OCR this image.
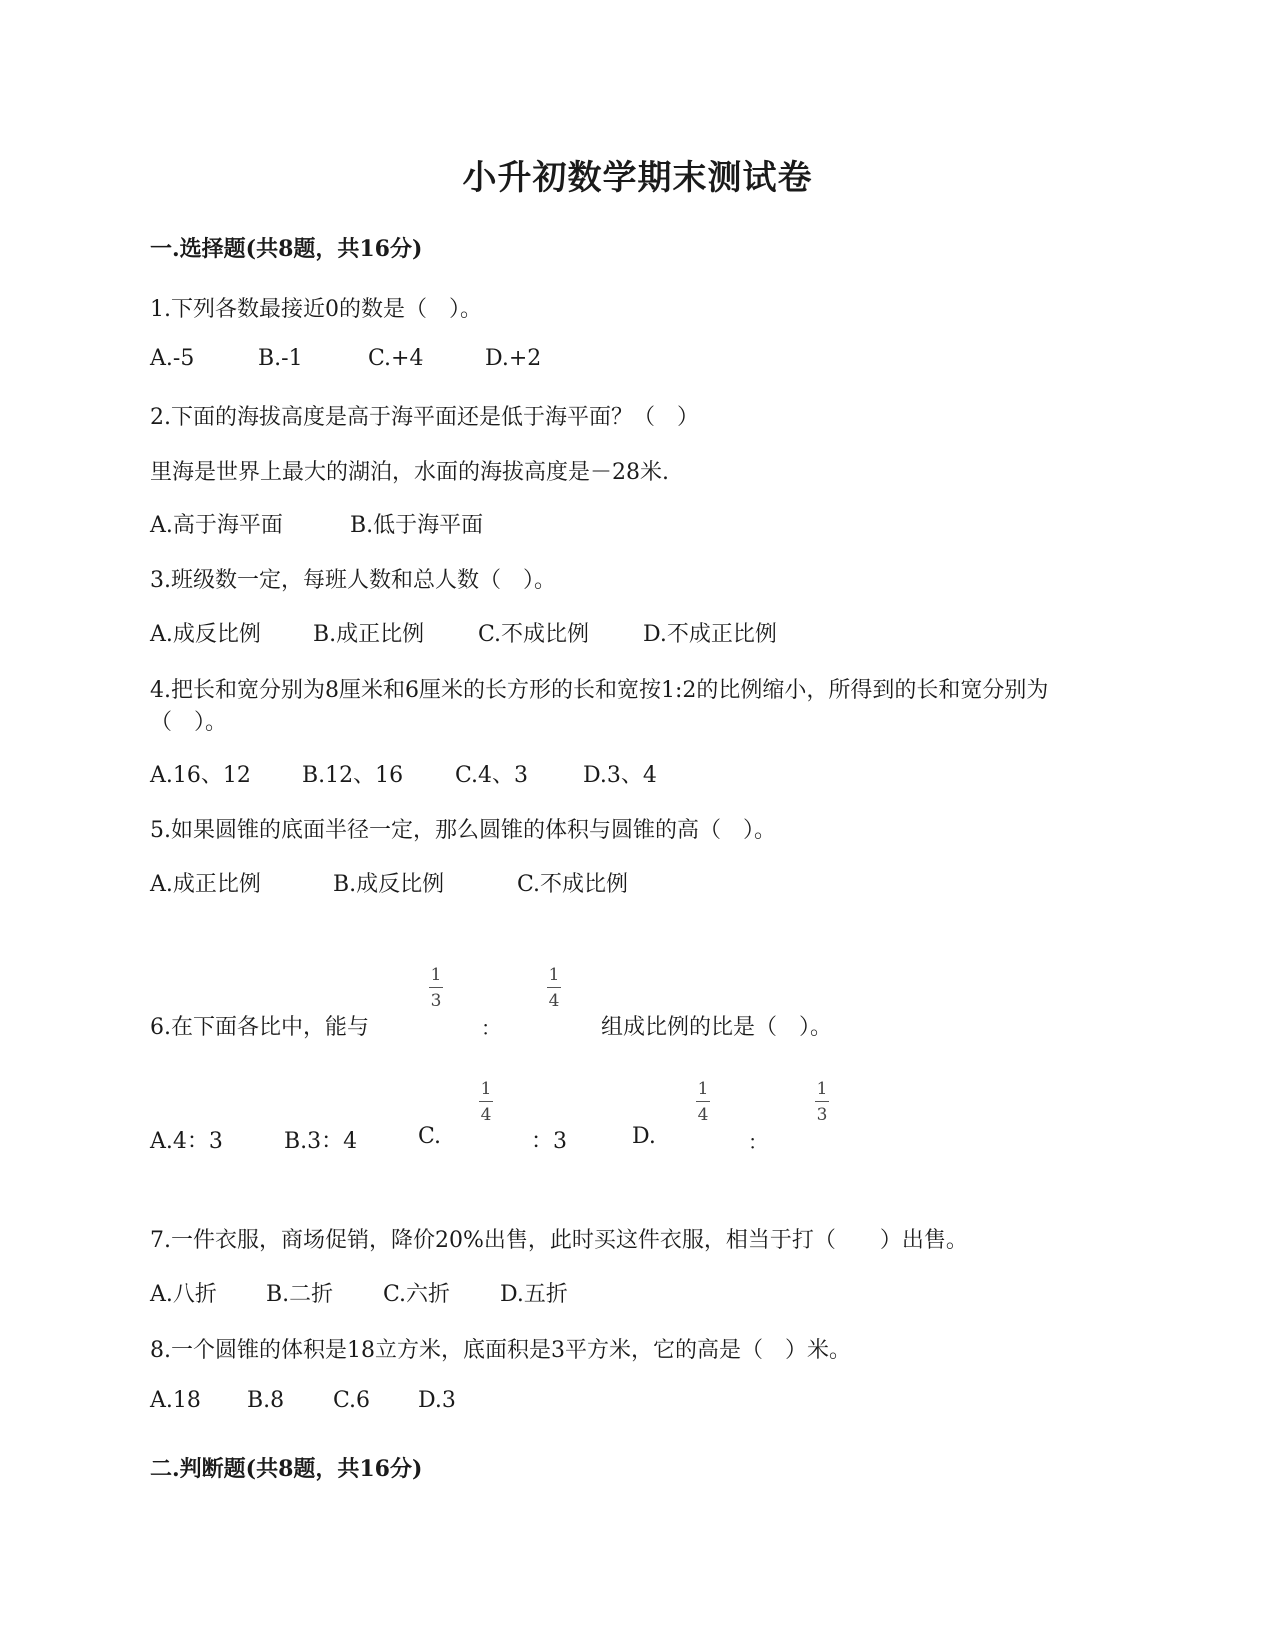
小升初数学期末测试卷
一.选择题(共8题，共16分)
1.下列各数最接近0的数是（　）。
A.-5	B.-1	C.+4	D.+2
2.下面的海拔高度是高于海平面还是低于海平面？（　）
里海是世界上最大的湖泊，水面的海拔高度是－28米.
A.高于海平面	B.低于海平面
3.班级数一定，每班人数和总人数（　）。
A.成反比例 B.成正比例 C.不成比例 D.不成正比例
4.把长和宽分别为8厘米和6厘米的长方形的长和宽按1:2的比例缩小，所得到的长和宽分别为（　）。
A.16、12 B.12、16 C.4、3 D.3、4
5.如果圆锥的底面半径一定，那么圆锥的体积与圆锥的高（　）。
A.成正比例	B.成反比例	C.不成比例
6.在下面各比中，能与
1
3
：
1
4
组成比例的比是（　）。
A.4：3	B.3：4	C.
1
4
：3	D.
1
4
：
1
3
7.一件衣服，商场促销，降价20%出售，此时买这件衣服，相当于打（　　）出售。
A.八折 B.二折 C.六折 D.五折
8.一个圆锥的体积是18立方米，底面积是3平方米，它的高是（　）米。
A.18 B.8 C.6 D.3
二.判断题(共8题，共16分)
